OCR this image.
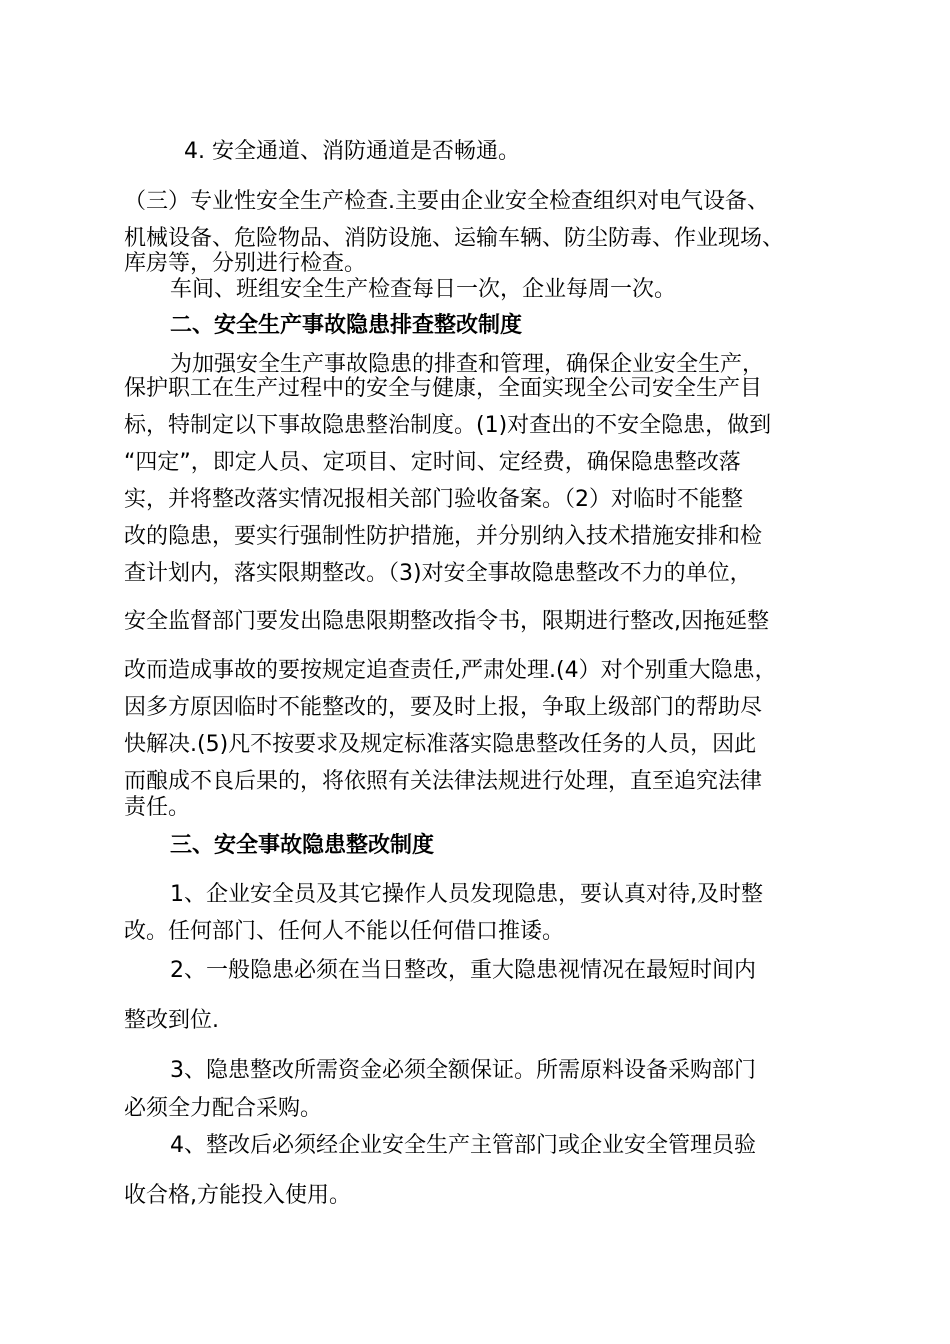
4. 安全通道、消防通道是否畅通。

（三）专业性安全生产检查.主要由企业安全检查组织对电气设备、

机械设备、危险物品、消防设施、运输车辆、防尘防毒、作业现场、

库房等，分别进行检查。

车间、班组安全生产检查每日一次，企业每周一次。

二、安全生产事故隐患排查整改制度

为加强安全生产事故隐患的排查和管理，确保企业安全生产，

保护职工在生产过程中的安全与健康，全面实现全公司安全生产目

标，特制定以下事故隐患整治制度。(1)对查出的不安全隐患，做到

“四定”，即定人员、定项目、定时间、定经费，确保隐患整改落

实，并将整改落实情况报相关部门验收备案。（2）对临时不能整

改的隐患，要实行强制性防护措施，并分别纳入技术措施安排和检

查计划内，落实限期整改。（3)对安全事故隐患整改不力的单位，

安全监督部门要发出隐患限期整改指令书，限期进行整改,因拖延整

改而造成事故的要按规定追查责任,严肃处理.(4）对个别重大隐患，

因多方原因临时不能整改的，要及时上报，争取上级部门的帮助尽

快解决.(5)凡不按要求及规定标准落实隐患整改任务的人员，因此

而酿成不良后果的，将依照有关法律法规进行处理，直至追究法律

责任。

三、安全事故隐患整改制度

1、企业安全员及其它操作人员发现隐患，要认真对待,及时整

改。任何部门、任何人不能以任何借口推诿。

2、一般隐患必须在当日整改，重大隐患视情况在最短时间内

整改到位.

3、隐患整改所需资金必须全额保证。所需原料设备采购部门

必须全力配合采购。

4、整改后必须经企业安全生产主管部门或企业安全管理员验

收合格,方能投入使用。
